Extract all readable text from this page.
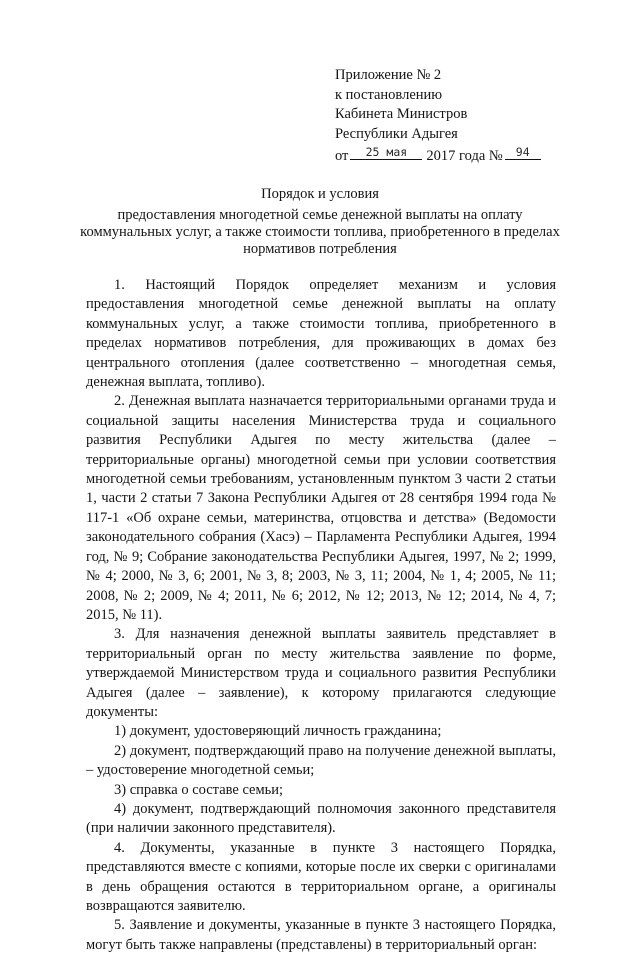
Приложение № 2
к постановлению
Кабинета Министров
Республики Адыгея
от	25 мая	2017 года №	94
Порядок и условия
предоставления многодетной семье денежной выплаты на оплату коммунальных услуг, а также стоимости топлива, приобретенного в пределах нормативов потребления

1. Настоящий Порядок определяет механизм и условия предоставления многодетной семье денежной выплаты на оплату коммунальных услуг, а также стоимости топлива, приобретенного в пределах нормативов потребления, для проживающих в домах без центрального отопления (далее соответственно – многодетная семья, денежная выплата, топливо).

2. Денежная выплата назначается территориальными органами труда и социальной защиты населения Министерства труда и социального развития Республики Адыгея по месту жительства (далее – территориальные органы) многодетной семьи при условии соответствия многодетной семьи требованиям, установленным пунктом 3 части 2 статьи 1, части 2 статьи 7 Закона Республики Адыгея от 28 сентября 1994 года № 117-1 «Об охране семьи, материнства, отцовства и детства» (Ведомости законодательного собрания (Хасэ) – Парламента Республики Адыгея, 1994 год, № 9; Собрание законодательства Республики Адыгея, 1997, № 2; 1999, № 4; 2000, № 3, 6; 2001, № 3, 8; 2003, № 3, 11; 2004, № 1, 4; 2005, № 11; 2008, № 2; 2009, № 4; 2011, № 6; 2012, № 12; 2013, № 12; 2014, № 4, 7; 2015, № 11).

3. Для назначения денежной выплаты заявитель представляет в территориальный орган по месту жительства заявление по форме, утверждаемой Министерством труда и социального развития Республики Адыгея (далее – заявление), к которому прилагаются следующие документы:

1) документ, удостоверяющий личность гражданина;

2) документ, подтверждающий право на получение денежной выплаты, – удостоверение многодетной семьи;

3) справка о составе семьи;

4) документ, подтверждающий полномочия законного представителя (при наличии законного представителя).

4. Документы, указанные в пункте 3 настоящего Порядка, представляются вместе с копиями, которые после их сверки с оригиналами в день обращения остаются в территориальном органе, а оригиналы возвращаются заявителю.

5. Заявление и документы, указанные в пункте 3 настоящего Порядка, могут быть также направлены (представлены) в территориальный орган:
